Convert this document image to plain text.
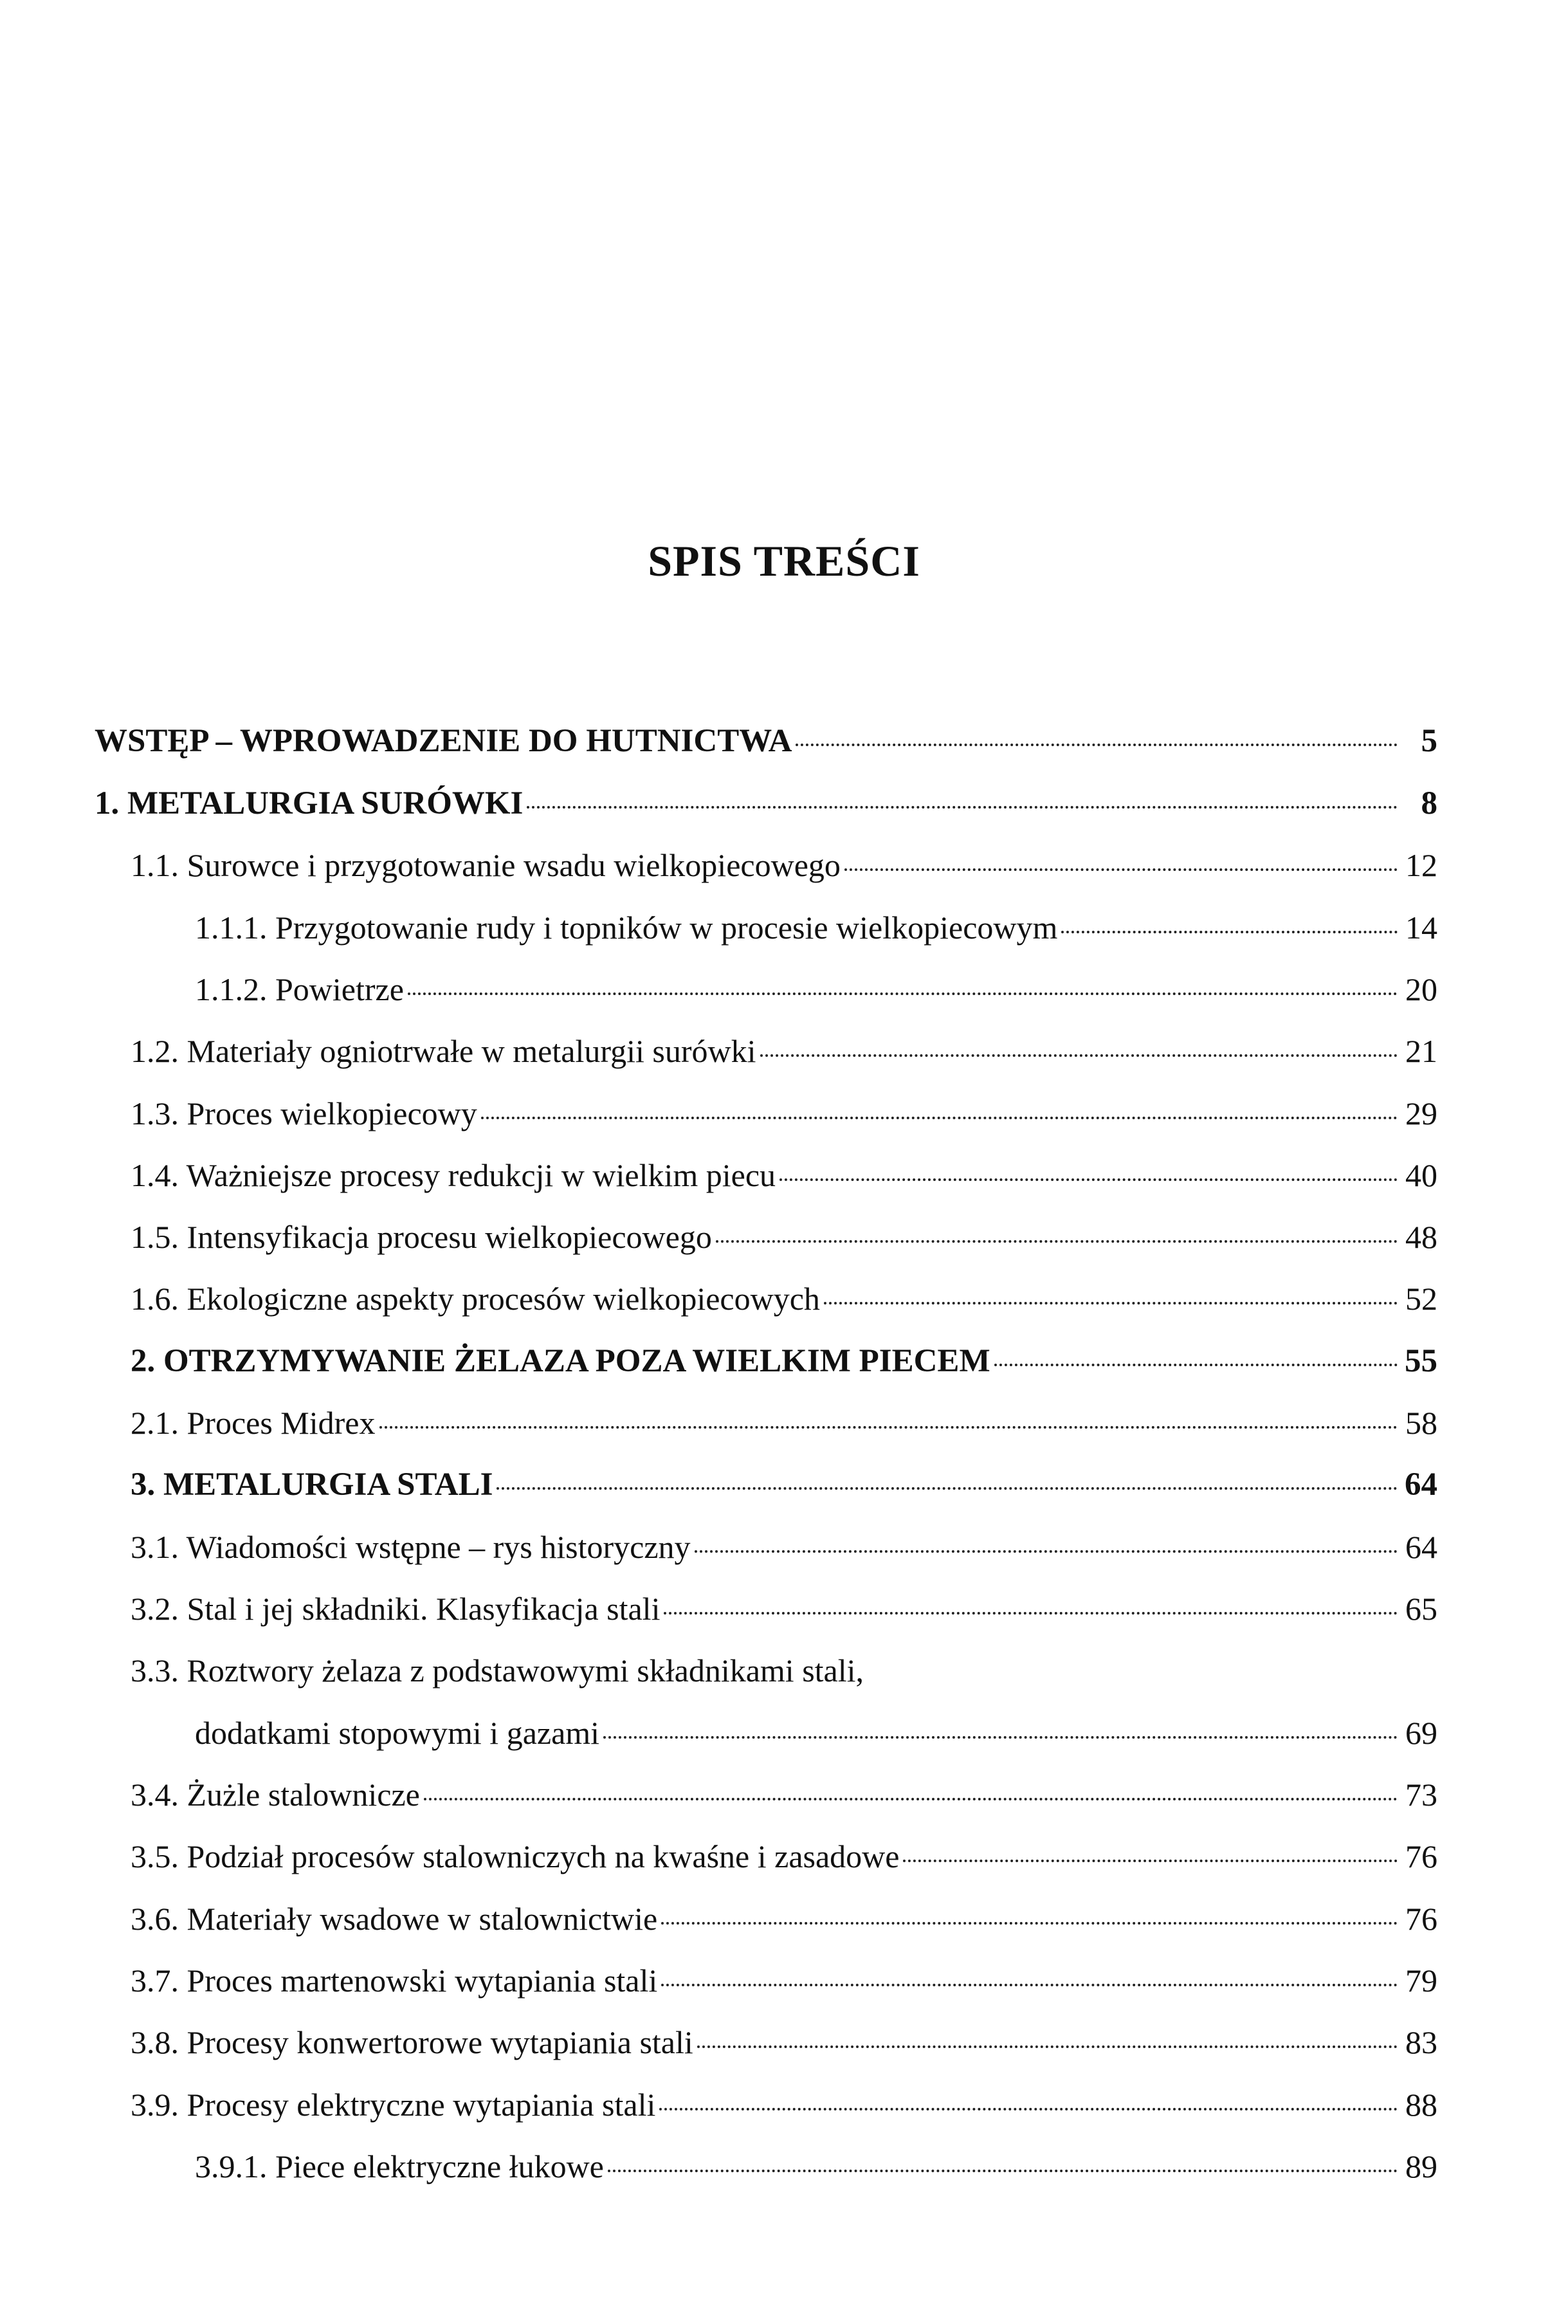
SPIS TREŚCI
WSTĘP – WPROWADZENIE DO HUTNICTWA	5
1. METALURGIA SURÓWKI	8
1.1. Surowce i przygotowanie wsadu wielkopiecowego	12
1.1.1. Przygotowanie rudy i topników w procesie wielkopiecowym	14
1.1.2. Powietrze	20
1.2. Materiały ogniotrwałe w metalurgii surówki	21
1.3. Proces wielkopiecowy	29
1.4. Ważniejsze procesy redukcji w wielkim piecu	40
1.5. Intensyfikacja procesu wielkopiecowego	48
1.6. Ekologiczne aspekty procesów wielkopiecowych	52
2. OTRZYMYWANIE ŻELAZA POZA WIELKIM PIECEM	55
2.1. Proces Midrex	58
3. METALURGIA STALI	64
3.1. Wiadomości wstępne – rys historyczny	64
3.2. Stal i jej składniki. Klasyfikacja stali	65
3.3. Roztwory żelaza z podstawowymi składnikami stali,
dodatkami stopowymi i gazami	69
3.4. Żużle stalownicze	73
3.5. Podział procesów stalowniczych na kwaśne i zasadowe	76
3.6. Materiały wsadowe w stalownictwie	76
3.7. Proces martenowski wytapiania stali	79
3.8. Procesy konwertorowe wytapiania stali	83
3.9. Procesy elektryczne wytapiania stali	88
3.9.1. Piece elektryczne łukowe	89
